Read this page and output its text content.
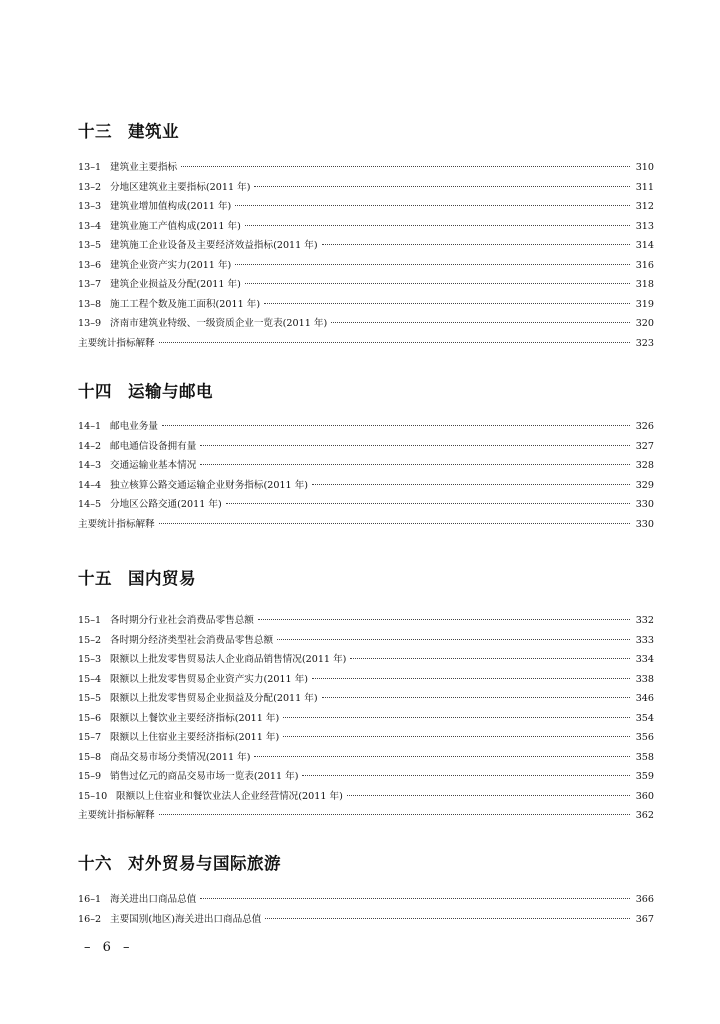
十三 建筑业
13–1 建筑业主要指标	310
13–2 分地区建筑业主要指标(2011 年)	311
13–3 建筑业增加值构成(2011 年)	312
13–4 建筑业施工产值构成(2011 年)	313
13–5 建筑施工企业设备及主要经济效益指标(2011 年)	314
13–6 建筑企业资产实力(2011 年)	316
13–7 建筑企业损益及分配(2011 年)	318
13–8 施工工程个数及施工面积(2011 年)	319
13–9 济南市建筑业特级、一级资质企业一览表(2011 年)	320
主要统计指标解释	323
十四 运输与邮电
14–1 邮电业务量	326
14–2 邮电通信设备拥有量	327
14–3 交通运输业基本情况	328
14–4 独立核算公路交通运输企业财务指标(2011 年)	329
14–5 分地区公路交通(2011 年)	330
主要统计指标解释	330
十五 国内贸易
15–1 各时期分行业社会消费品零售总额	332
15–2 各时期分经济类型社会消费品零售总额	333
15–3 限额以上批发零售贸易法人企业商品销售情况(2011 年)	334
15–4 限额以上批发零售贸易企业资产实力(2011 年)	338
15–5 限额以上批发零售贸易企业损益及分配(2011 年)	346
15–6 限额以上餐饮业主要经济指标(2011 年)	354
15–7 限额以上住宿业主要经济指标(2011 年)	356
15–8 商品交易市场分类情况(2011 年)	358
15–9 销售过亿元的商品交易市场一览表(2011 年)	359
15–10 限额以上住宿业和餐饮业法人企业经营情况(2011 年)	360
主要统计指标解释	362
十六 对外贸易与国际旅游
16–1 海关进出口商品总值	366
16–2 主要国别(地区)海关进出口商品总值	367
– 6 –
